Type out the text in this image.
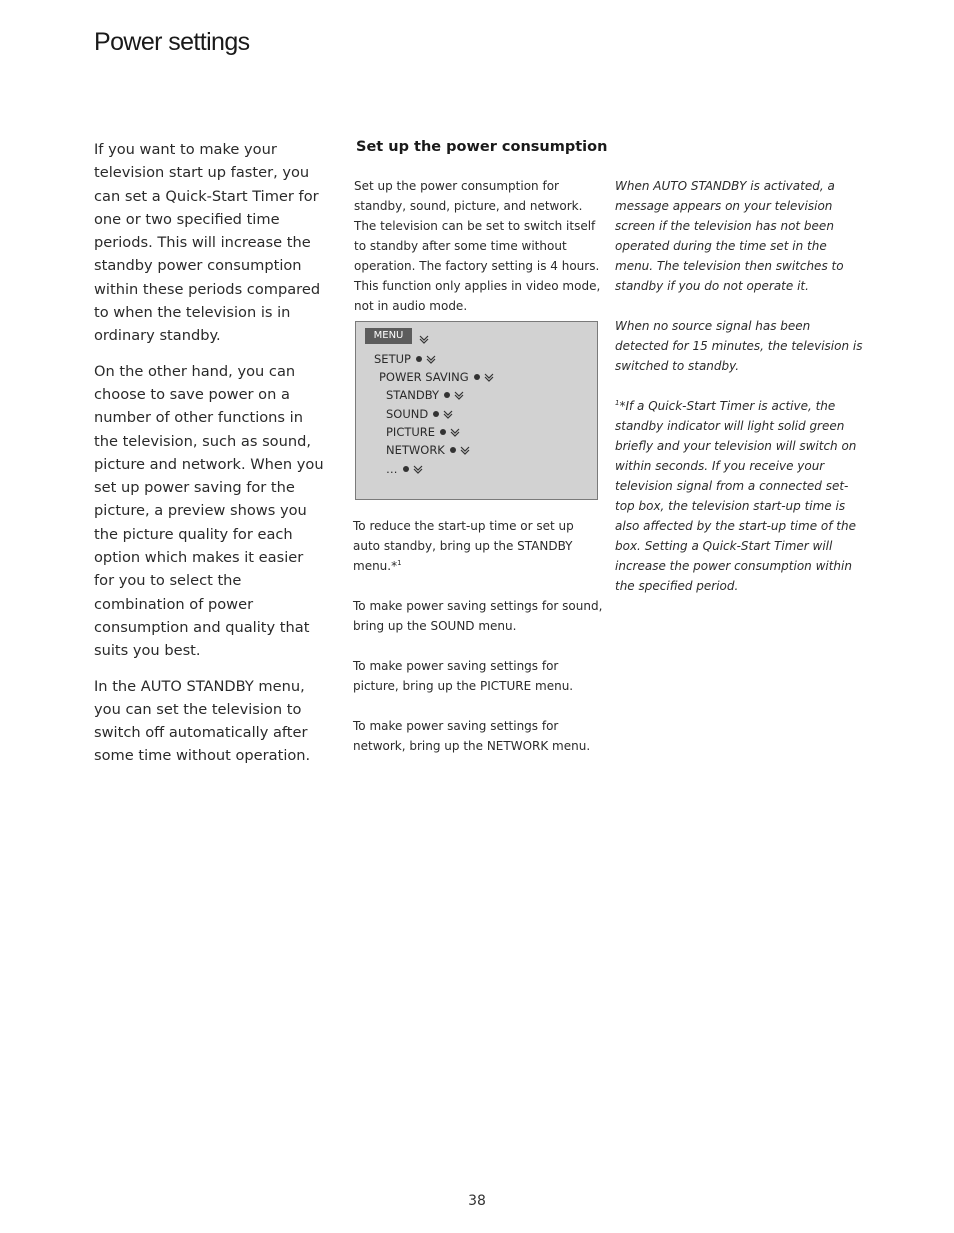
Power settings

If you want to make your television start up faster, you can set a Quick-Start Timer for one or two specified time periods. This will increase the standby power consumption within these periods compared to when the television is in ordinary standby.

On the other hand, you can choose to save power on a number of other functions in the television, such as sound, picture and network. When you set up power saving for the picture, a preview shows you the picture quality for each option which makes it easier for you to select the combination of power consumption and quality that suits you best.

In the AUTO STANDBY menu, you can set the television to switch off automatically after some time without operation.

Set up the power consumption

Set up the power consumption for standby, sound, picture, and network. The television can be set to switch itself to standby after some time without operation. The factory setting is 4 hours. This function only applies in video mode, not in audio mode.

MENU
SETUP
POWER SAVING
STANDBY
SOUND
PICTURE
NETWORK
…

To reduce the start-up time or set up auto standby, bring up the STANDBY menu.*$^1$

To make power saving settings for sound, bring up the SOUND menu.

To make power saving settings for picture, bring up the PICTURE menu.

To make power saving settings for network, bring up the NETWORK menu.

When AUTO STANDBY is activated, a message appears on your television screen if the television has not been operated during the time set in the menu. The television then switches to standby if you do not operate it.

When no source signal has been detected for 15 minutes, the television is switched to standby.

$^1$*If a Quick-Start Timer is active, the standby indicator will light solid green briefly and your television will switch on within seconds. If you receive your television signal from a connected set-top box, the television start-up time is also affected by the start-up time of the box. Setting a Quick-Start Timer will increase the power consumption within the specified period.

38
